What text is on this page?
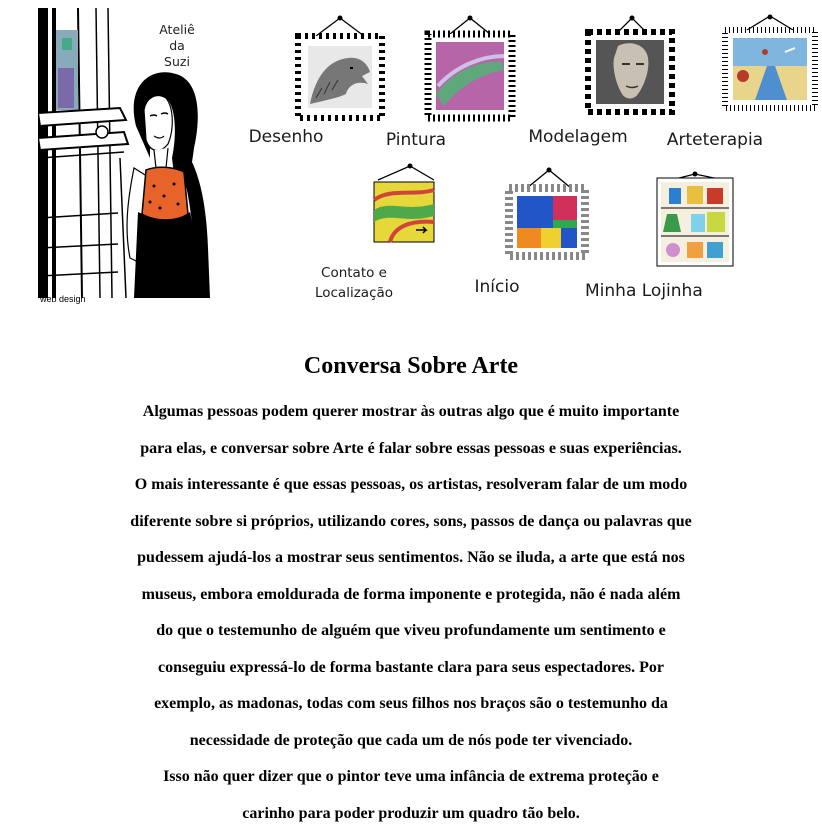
Ateliê
da
Suzi
web design
Desenho	Pintura	Modelagem	Arteterapia
Contato e
Localização	Início	Minha Lojinha
Conversa Sobre Arte

Algumas pessoas podem querer mostrar às outras algo que é muito importante

para elas, e conversar sobre Arte é falar sobre essas pessoas e suas experiências.

O mais interessante é que essas pessoas, os artistas, resolveram falar de um modo

diferente sobre si próprios, utilizando cores, sons, passos de dança ou palavras que

pudessem ajudá-los a mostrar seus sentimentos. Não se iluda, a arte que está nos

museus, embora emoldurada de forma imponente e protegida, não é nada além

do que o testemunho de alguém que viveu profundamente um sentimento e

conseguiu expressá-lo de forma bastante clara para seus espectadores. Por

exemplo, as madonas, todas com seus filhos nos braços são o testemunho da

necessidade de proteção que cada um de nós pode ter vivenciado.

Isso não quer dizer que o pintor teve uma infância de extrema proteção e

carinho para poder produzir um quadro tão belo.
